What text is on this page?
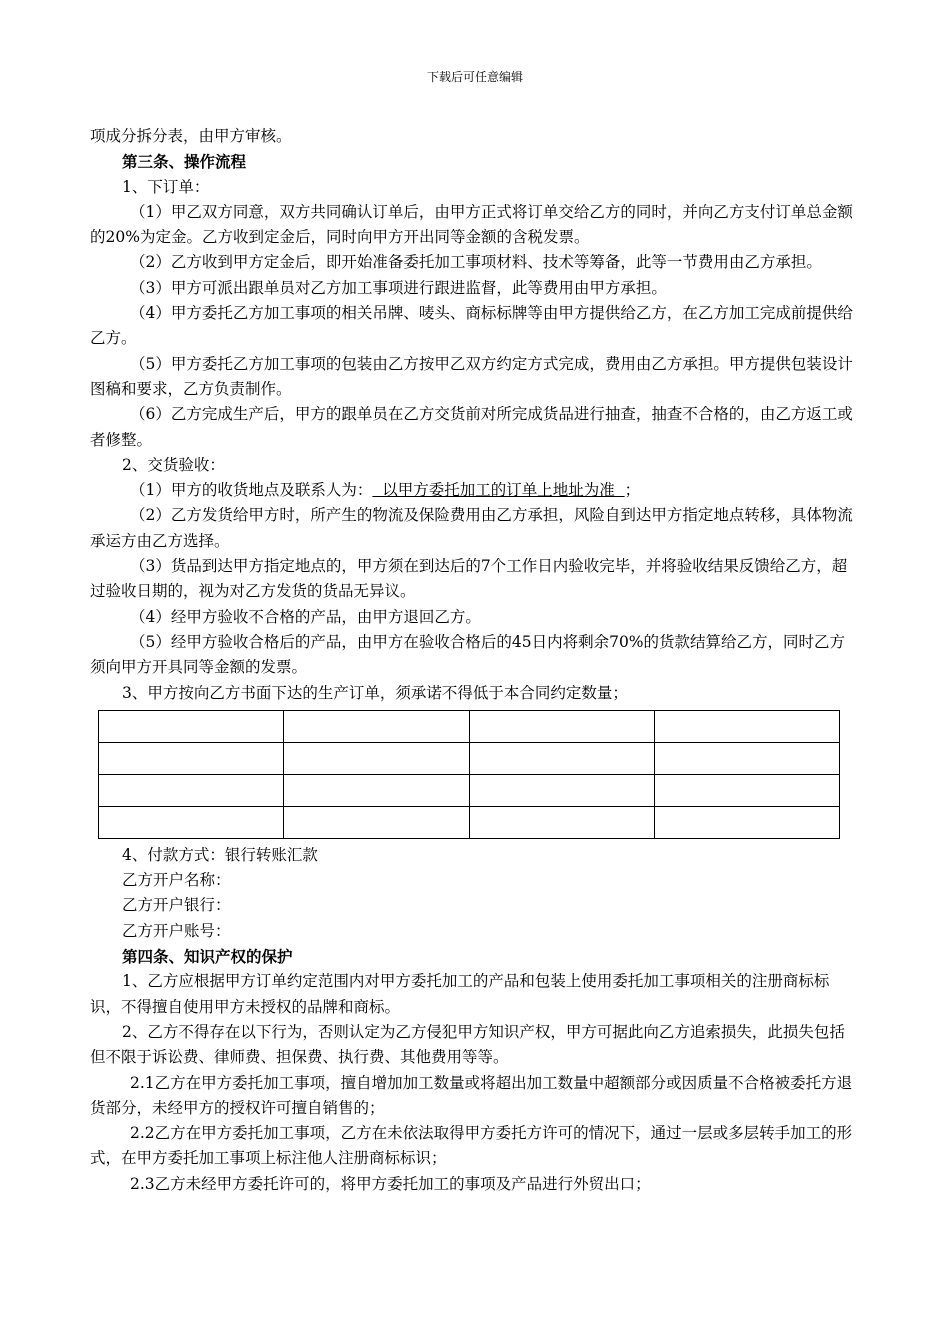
下载后可任意编辑

项成分拆分表，由甲方审核。

第三条、操作流程

1、下订单：

（1）甲乙双方同意，双方共同确认订单后，由甲方正式将订单交给乙方的同时，并向乙方支付订单总金额的20%为定金。乙方收到定金后，同时向甲方开出同等金额的含税发票。

（2）乙方收到甲方定金后，即开始准备委托加工事项材料、技术等筹备，此等一节费用由乙方承担。

（3）甲方可派出跟单员对乙方加工事项进行跟进监督，此等费用由甲方承担。

（4）甲方委托乙方加工事项的相关吊牌、唛头、商标标牌等由甲方提供给乙方，在乙方加工完成前提供给乙方。

（5）甲方委托乙方加工事项的包装由乙方按甲乙双方约定方式完成，费用由乙方承担。甲方提供包装设计图稿和要求，乙方负责制作。

（6）乙方完成生产后，甲方的跟单员在乙方交货前对所完成货品进行抽查，抽查不合格的，由乙方返工或者修整。

2、交货验收：

（1）甲方的收货地点及联系人为：  以甲方委托加工的订单上地址为准  ；

（2）乙方发货给甲方时，所产生的物流及保险费用由乙方承担，风险自到达甲方指定地点转移，具体物流承运方由乙方选择。

（3）货品到达甲方指定地点的，甲方须在到达后的7个工作日内验收完毕，并将验收结果反馈给乙方，超过验收日期的，视为对乙方发货的货品无异议。

（4）经甲方验收不合格的产品，由甲方退回乙方。

（5）经甲方验收合格后的产品，由甲方在验收合格后的45日内将剩余70%的货款结算给乙方，同时乙方须向甲方开具同等金额的发票。

3、甲方按向乙方书面下达的生产订单，须承诺不得低于本合同约定数量；

4、付款方式：银行转账汇款

乙方开户名称：

乙方开户银行：

乙方开户账号：

第四条、知识产权的保护

1、乙方应根据甲方订单约定范围内对甲方委托加工的产品和包装上使用委托加工事项相关的注册商标标识，不得擅自使用甲方未授权的品牌和商标。

2、乙方不得存在以下行为，否则认定为乙方侵犯甲方知识产权，甲方可据此向乙方追索损失，此损失包括但不限于诉讼费、律师费、担保费、执行费、其他费用等等。

2.1乙方在甲方委托加工事项，擅自增加加工数量或将超出加工数量中超额部分或因质量不合格被委托方退货部分，未经甲方的授权许可擅自销售的；

2.2乙方在甲方委托加工事项，乙方在未依法取得甲方委托方许可的情况下，通过一层或多层转手加工的形式，在甲方委托加工事项上标注他人注册商标标识；

2.3乙方未经甲方委托许可的，将甲方委托加工的事项及产品进行外贸出口；
